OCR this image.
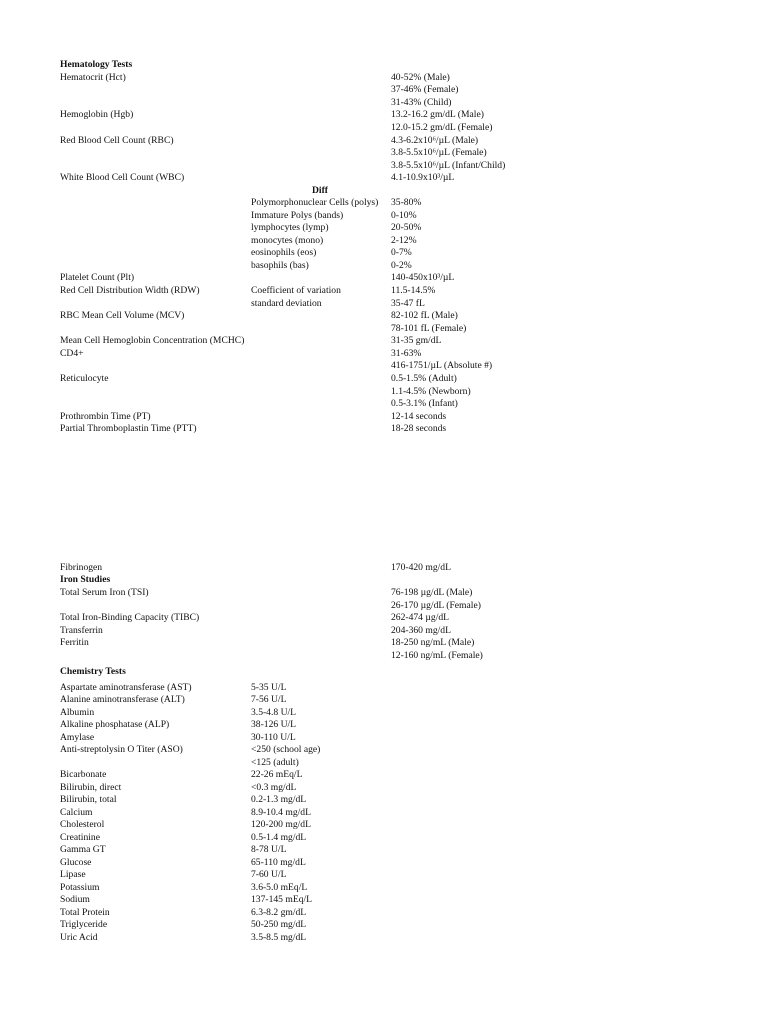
Hematology Tests
Hematocrit (Hct)	40-52% (Male)
37-46% (Female)
31-43% (Child)
Hemoglobin (Hgb)	13.2-16.2 gm/dL (Male)
12.0-15.2 gm/dL (Female)
Red Blood Cell Count (RBC)	4.3-6.2x10⁶/µL (Male)
3.8-5.5x10⁶/µL (Female)
3.8-5.5x10⁶/µL (Infant/Child)
White Blood Cell Count (WBC)	4.1-10.9x10³/µL
Diff
Polymorphonuclear Cells (polys) 35-80%
Immature Polys (bands)	0-10%
lymphocytes (lymp)	20-50%
monocytes (mono)	2-12%
eosinophils (eos)	0-7%
basophils (bas)	0-2%
Platelet Count (Plt)	140-450x10³/µL
Red Cell Distribution Width (RDW)	Coefficient of variation	11.5-14.5%
standard deviation	35-47 fL
RBC Mean Cell Volume (MCV)	82-102 fL (Male)
78-101 fL (Female)
Mean Cell Hemoglobin Concentration (MCHC)	31-35 gm/dL
CD4+	31-63%
416-1751/µL (Absolute #)
Reticulocyte	0.5-1.5% (Adult)
1.1-4.5% (Newborn)
0.5-3.1% (Infant)
Prothrombin Time (PT)	12-14 seconds
Partial Thromboplastin Time (PTT)	18-28 seconds
Fibrinogen	170-420 mg/dL
Iron Studies
Total Serum Iron (TSI)	76-198 µg/dL (Male)
26-170 µg/dL (Female)
Total Iron-Binding Capacity (TIBC)	262-474 µg/dL
Transferrin	204-360 mg/dL
Ferritin	18-250 ng/mL (Male)
12-160 ng/mL (Female)
Chemistry Tests
Aspartate aminotransferase (AST)	5-35 U/L
Alanine aminotransferase (ALT)	7-56 U/L
Albumin	3.5-4.8 U/L
Alkaline phosphatase (ALP)	38-126 U/L
Amylase	30-110 U/L
Anti-streptolysin O Titer (ASO)	<250 (school age)
<125 (adult)
Bicarbonate	22-26 mEq/L
Bilirubin, direct	<0.3 mg/dL
Bilirubin, total	0.2-1.3 mg/dL
Calcium	8.9-10.4 mg/dL
Cholesterol	120-200 mg/dL
Creatinine	0.5-1.4 mg/dL
Gamma GT	8-78 U/L
Glucose	65-110 mg/dL
Lipase	7-60 U/L
Potassium	3.6-5.0 mEq/L
Sodium	137-145 mEq/L
Total Protein	6.3-8.2 gm/dL
Triglyceride	50-250 mg/dL
Uric Acid	3.5-8.5 mg/dL
